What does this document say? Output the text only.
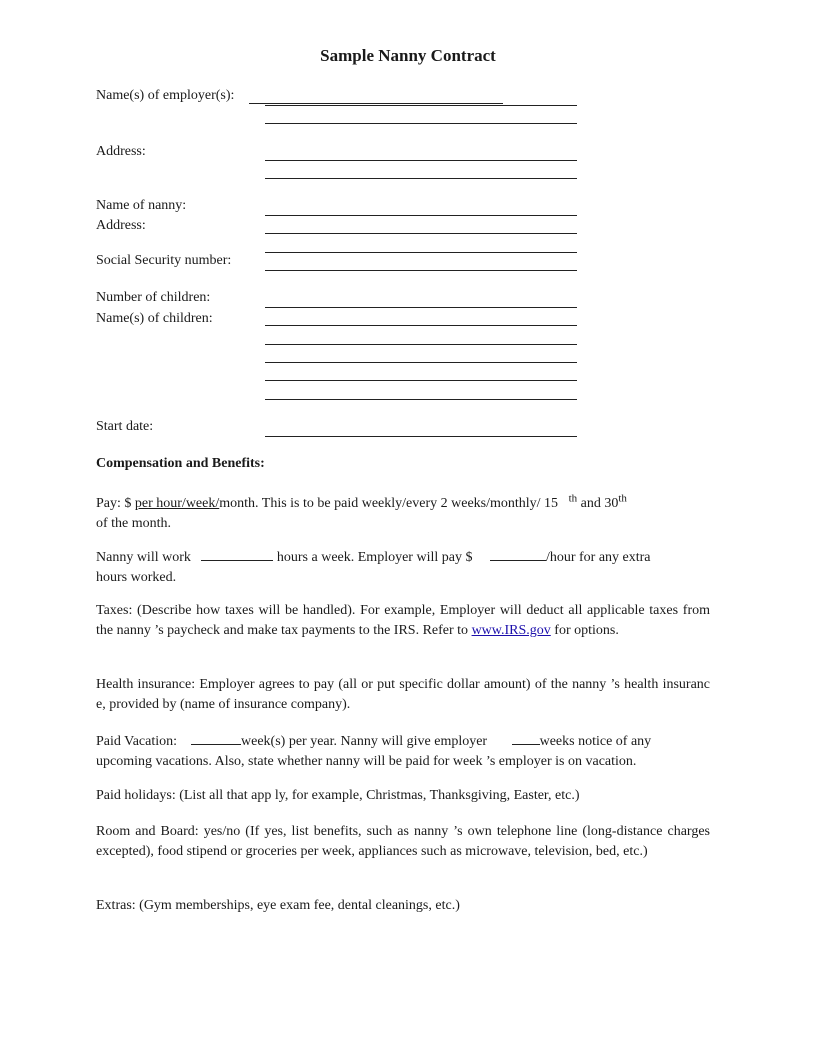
Sample Nanny Contract
Name(s) of employer(s):
Address:
Name of nanny:
Address:
Social Security number:
Number of children:
Name(s) of children:
Start date:
Compensation and Benefits:
Pay: $ per hour/week/month. This is to be paid weekly/every 2 weeks/monthly/ 15 $^{th}$ and 30th
of the month.
Nanny will work	hours a week. Employer will pay $	/hour for any extra
hours worked.
Taxes: (Describe how taxes will be handled). For example, Employer will deduct all applicable taxes from the nanny ’s paycheck and make tax payments to the IRS. Refer to www.IRS.gov for options.
Health insurance: Employer agrees to pay (all or put specific dollar amount) of the nanny ’s health insuranc e, provided by (name of insurance company).
Paid Vacation:	week(s) per year. Nanny will give employer	weeks notice of any
upcoming vacations. Also, state whether nanny will be paid for week ’s employer is on vacation.
Paid holidays: (List all that app ly, for example, Christmas, Thanksgiving, Easter, etc.)
Room and Board: yes/no (If yes, list benefits, such as nanny ’s own telephone line (long-distance charges excepted), food stipend or groceries per week, appliances such as microwave, television, bed, etc.)
Extras: (Gym memberships, eye exam fee, dental cleanings, etc.)
